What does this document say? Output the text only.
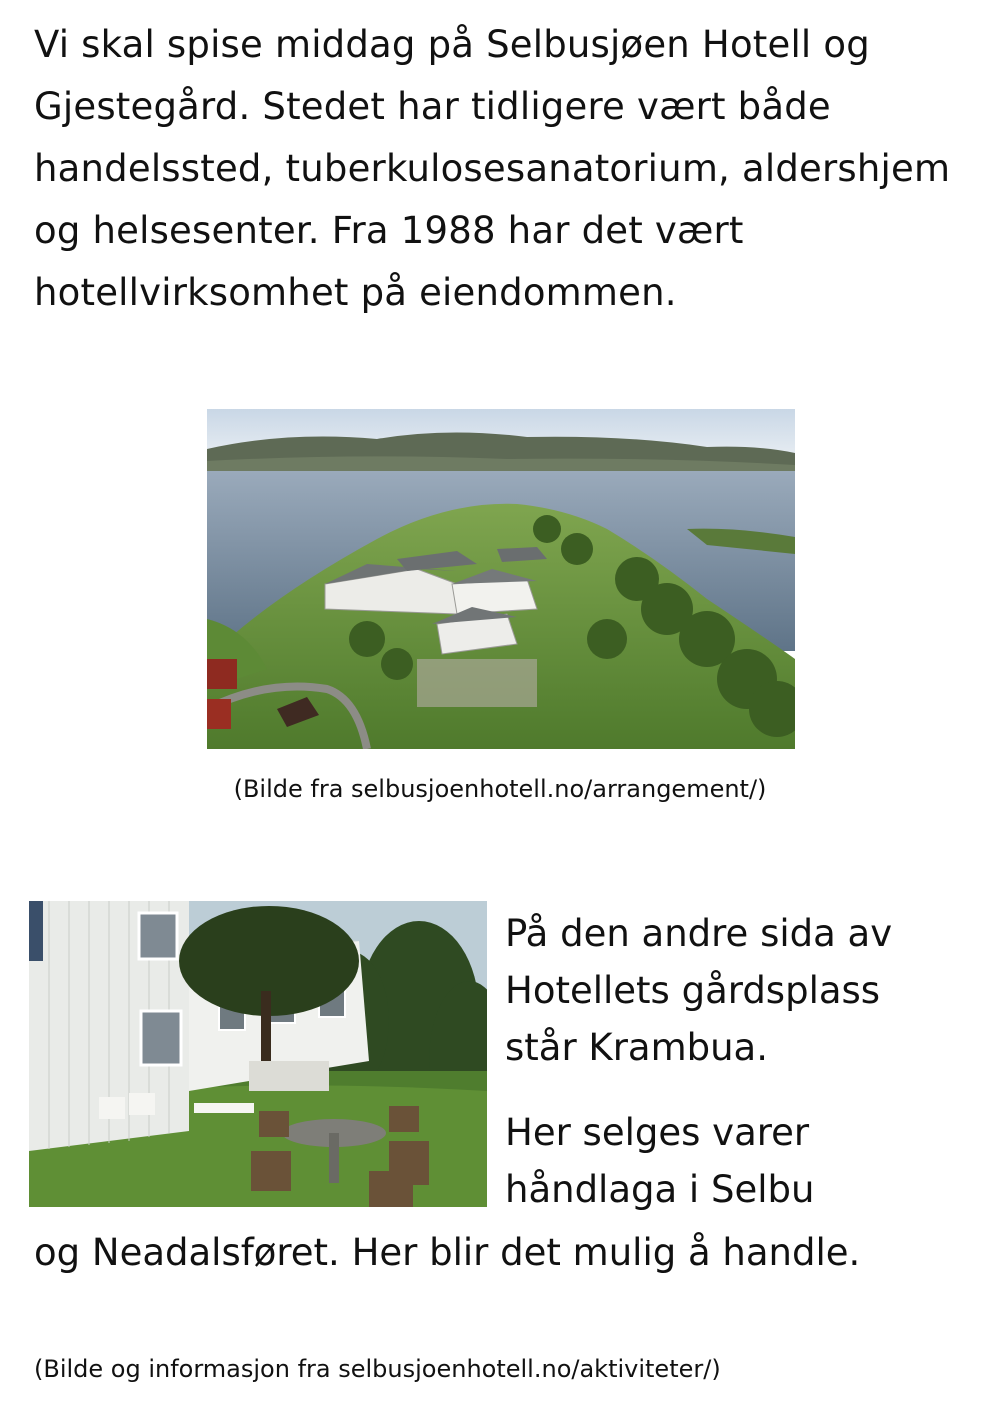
Vi skal spise middag på Selbusjøen Hotell og
Gjestegård. Stedet har tidligere vært både
handelssted, tuberkulosesanatorium, aldershjem
og helsesenter. Fra 1988 har det vært
hotellvirksomhet på eiendommen.
(Bilde fra selbusjoenhotell.no/arrangement/)
På den andre sida av
Hotellets gårdsplass
står Krambua.
Her selges varer
håndlaga i Selbu
og Neadalsføret. Her blir det mulig å handle.
(Bilde og informasjon fra selbusjoenhotell.no/aktiviteter/)
